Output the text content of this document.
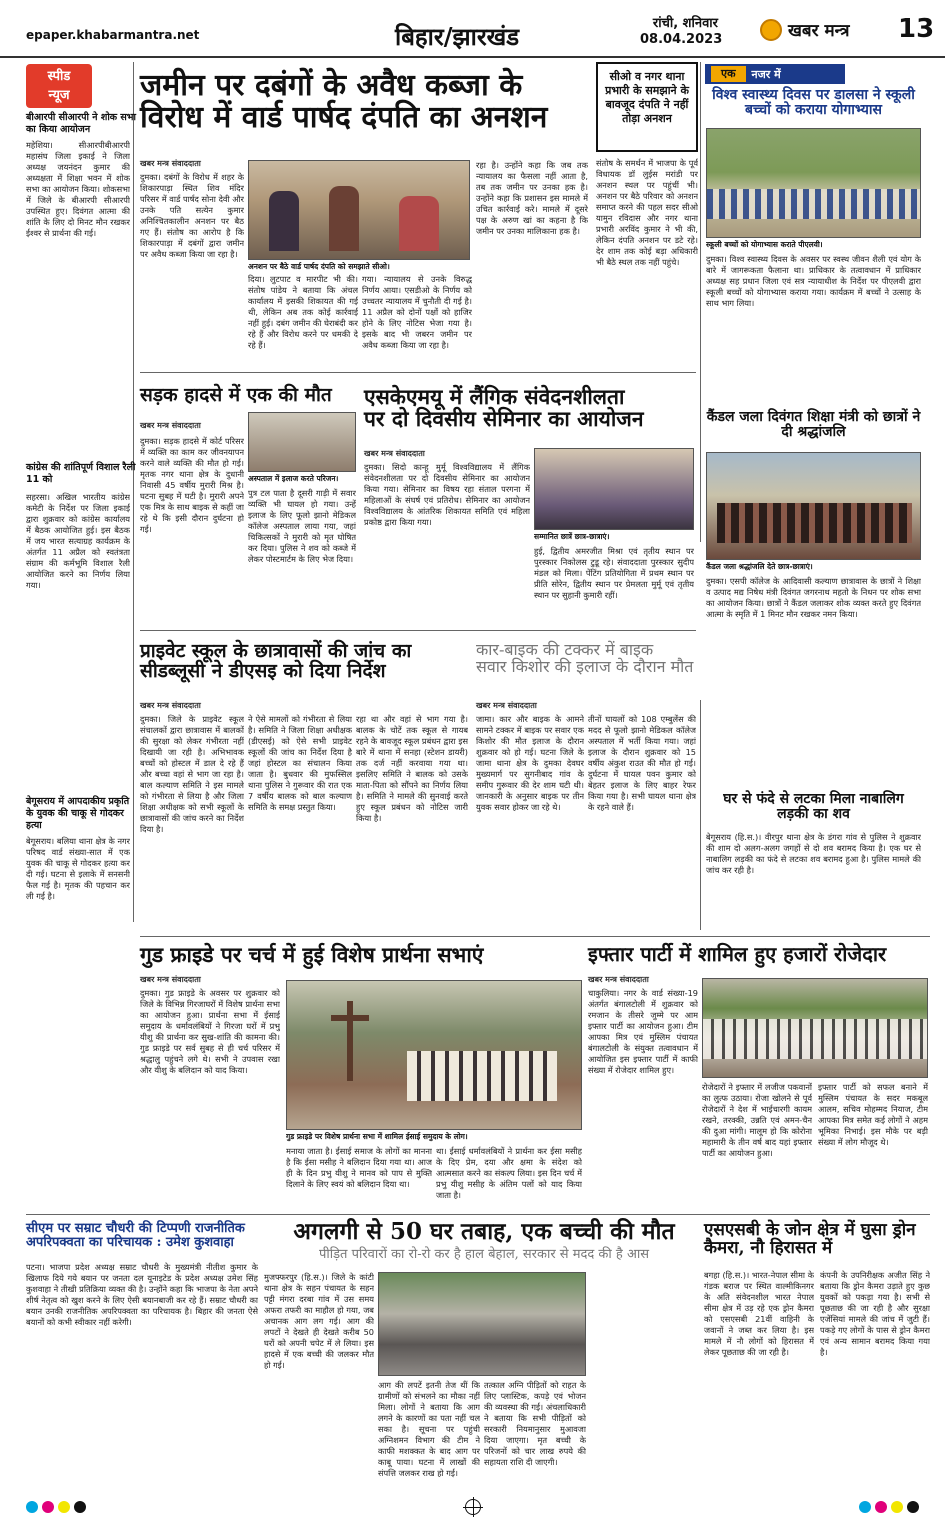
epaper.khabarmantra.net	बिहार/झारखंड	रांची, शनिवार
08.04.2023	खबर मन्त्र 13
स्पीड
न्यूज
बीआरपी सीआरपी ने शोक सभा का किया आयोजन
महेशिया। सीआरपीबीआरपी महासंघ जिला इकाई ने जिला अध्यक्ष जयनंदन कुमार की अध्यक्षता में शिक्षा भवन में शोक सभा का आयोजन किया। शोकसभा में जिले के बीआरपी सीआरपी उपस्थित हुए। दिवंगत आत्मा की शांति के लिए दो मिनट मौन रखकर ईश्वर से प्रार्थना की गई।
कांग्रेस की शांतिपूर्ण विशाल रैली 11 को
सहरसा। अखिल भारतीय कांग्रेस कमेटी के निर्देश पर जिला इकाई द्वारा शुक्रवार को कांग्रेस कार्यालय में बैठक आयोजित हुई। इस बैठक में जय भारत सत्याग्रह कार्यक्रम के अंतर्गत 11 अप्रैल को स्वतंत्रता संग्राम की कर्मभूमि विशाल रैली आयोजित करने का निर्णय लिया गया।
बेगूसराय में आपदाकीय प्रकृति के युवक की चाकू से गोदकर हत्या
बेगूसराय। बलिया थाना क्षेत्र के नगर परिषद वार्ड संख्या-सात में एक युवक की चाकू से गोदकर हत्या कर दी गई। घटना से इलाके में सनसनी फैल गई है। मृतक की पहचान कर ली गई है।
जमीन पर दबंगों के अवैध कब्जा के
विरोध में वार्ड पार्षद दंपति का अनशन
खबर मन्त्र संवाददाता
दुमका। दबंगों के विरोध में शहर के शिकारपाड़ा स्थित शिव मंदिर परिसर में वार्ड पार्षद सोना देवी और उनके पति सत्येन कुमार अनिश्चितकालीन अनशन पर बैठ गए हैं। संतोष का आरोप है कि शिकारपाड़ा में दबंगों द्वारा जमीन पर अवैध कब्जा किया जा रहा है।
अनशन पर बैठे वार्ड पार्षद दंपति को समझाते सीओ।
दिया। लुटपाट व मारपीट भी की। संतोष पांडेय ने बताया कि अंचल कार्यालय में इसकी शिकायत की गई थी, लेकिन अब तक कोई कार्रवाई नहीं हुई। दबंग जमीन की घेराबंदी कर रहे हैं और विरोध करने पर धमकी दे रहे हैं।
गया। न्यायालय से उनके विरुद्ध निर्णय आया। एसडीओ के निर्णय को उच्चतर न्यायालय में चुनौती दी गई है। 11 अप्रैल को दोनों पक्षों को हाजिर होने के लिए नोटिस भेजा गया है। इसके बाद भी जबरन जमीन पर अवैध कब्जा किया जा रहा है।
रहा है। उन्होंने कहा कि जब तक न्यायालय का फैसला नहीं आता है, तब तक जमीन पर उनका हक है। उन्होंने कहा कि प्रशासन इस मामले में उचित कार्रवाई करे। मामले में दूसरे पक्ष के अरुण खां का कहना है कि जमीन पर उनका मालिकाना हक है।
सीओ व नगर थाना प्रभारी के समझाने के बावजूद दंपति ने नहीं तोड़ा अनशन
संतोष के समर्थन में भाजपा के पूर्व विधायक डॉ लुईस मरांडी पर अनशन स्थल पर पहुंचीं भी। अनशन पर बैठे परिवार को अनशन समाप्त करने की पहल सदर सीओ यामुन रविदास और नगर थाना प्रभारी अरविंद कुमार ने भी की, लेकिन दंपति अनशन पर डटे रहे। देर शाम तक कोई बड़ा अधिकारी भी बैठे स्थल तक नहीं पहुंचे।
एक	नजर में
विश्व स्वास्थ्य दिवस पर डालसा ने स्कूली बच्चों को कराया योगाभ्यास
स्कूली बच्चों को योगाभ्यास कराते पीएलवी।
दुमका। विश्व स्वास्थ्य दिवस के अवसर पर स्वस्थ जीवन शैली एवं योग के बारे में जागरूकता फैलाना था। प्राधिकार के तत्वावधान में प्राधिकार अध्यक्ष सह प्रधान जिला एवं सत्र न्यायाधीश के निर्देश पर पीएलवी द्वारा स्कूली बच्चों को योगाभ्यास कराया गया। कार्यक्रम में बच्चों ने उत्साह के साथ भाग लिया।
कैंडल जला दिवंगत शिक्षा मंत्री को छात्रों ने दी श्रद्धांजलि
कैंडल जला श्रद्धांजलि देते छात्र-छात्राएं।
दुमका। एसपी कॉलेज के आदिवासी कल्याण छात्रावास के छात्रों ने शिक्षा व उत्पाद मद्य निषेध मंत्री दिवंगत जगरनाथ महतो के निधन पर शोक सभा का आयोजन किया। छात्रों ने कैंडल जलाकर शोक व्यक्त करते हुए दिवंगत आत्मा के स्मृति में 1 मिनट मौन रखकर नमन किया।
घर से फंदे से लटका मिला नाबालिग लड़की का शव
बेगूसराय (हि.स.)। वीरपुर थाना क्षेत्र के डंगरा गांव से पुलिस ने शुक्रवार की शाम दो अलग-अलग जगहों से दो शव बरामद किया है। एक घर से नाबालिग लड़की का फंदे से लटका शव बरामद हुआ है। पुलिस मामले की जांच कर रही है।
सड़क हादसे में एक की मौत
खबर मन्त्र संवाददाता
दुमका। सड़क हादसे में कोर्ट परिसर में व्यक्ति का काम कर जीवनयापन करने वाले व्यक्ति की मौत हो गई। मृतक नगर थाना क्षेत्र के दुधानी निवासी 45 वर्षीय मुरारी मिश्र है। घटना सुबह में घटी है। मुरारी अपने एक मित्र के साथ बाइक से कहीं जा रहे थे कि इसी दौरान दुर्घटना हो गई।
अस्पताल में इलाज करते परिजन।
पुत्र टल पाता है दूसरी गाड़ी में सवार व्यक्ति भी घायल हो गया। उन्हें इलाज के लिए फूलो झानो मेडिकल कॉलेज अस्पताल लाया गया, जहां चिकित्सकों ने मुरारी को मृत घोषित कर दिया। पुलिस ने शव को कब्जे में लेकर पोस्टमार्टम के लिए भेज दिया।
एसकेएमयू में लैंगिक संवेदनशीलता
पर दो दिवसीय सेमिनार का आयोजन
खबर मन्त्र संवाददाता
दुमका। सिदो कान्हू मुर्मू विश्वविद्यालय में लैंगिक संवेदनशीलता पर दो दिवसीय सेमिनार का आयोजन किया गया। सेमिनार का विषय रहा संताल परगना में महिलाओं के संघर्ष एवं प्रतिरोध। सेमिनार का आयोजन विश्वविद्यालय के आंतरिक शिकायत समिति एवं महिला प्रकोष्ठ द्वारा किया गया।
सम्मानित छात्रें छात्र-छात्राएं।
हुई, द्वितीय अमरजीत मिश्रा एवं तृतीय स्थान पर पुरस्कार निकोलस टुडू रहे। संवाददाता पुरस्कार सुदीप मंडल को मिला। पेंटिंग प्रतियोगिता में प्रथम स्थान पर प्रीति सोरेन, द्वितीय स्थान पर प्रेमलता मुर्मू एवं तृतीय स्थान पर सुहानी कुमारी रहीं।
प्राइवेट स्कूल के छात्रावासों की जांच का
सीडब्लूसी ने डीएसइ को दिया निर्देश
खबर मन्त्र संवाददाता
दुमका। जिले के प्राइवेट स्कूल संचालकों द्वारा छात्रावास में बालकों की सुरक्षा को लेकर गंभीरता नहीं दिखायी जा रही है। अभिभावक बच्चों को होस्टल में डाल दे रहे हैं और बच्चा वहां से भाग जा रहा है। बाल कल्याण समिति ने इस मामले को गंभीरता से लिया है और जिला शिक्षा अधीक्षक को सभी स्कूलों के छात्रावासों की जांच करने का निर्देश दिया है।
ने ऐसे मामलों को गंभीरता से लिया है। समिति ने जिला शिक्षा अधीक्षक (डीएसई) को ऐसे सभी प्राइवेट स्कूलों की जांच का निर्देश दिया है जहां होस्टल का संचालन किया जाता है। बुधवार की मुफस्सिल थाना पुलिस ने गुरूवार की रात एक 7 वर्षीय बालक को बाल कल्याण समिति के समक्ष प्रस्तुत किया।
रहा था और वहां से भाग गया है। बालक के चोटें तक स्कूल से गायब रहने के बावजूद स्कूल प्रबंधन द्वारा इस बारे में थाना में सनहा (स्टेशन डायरी) तक दर्ज नहीं करवाया गया था। इसलिए समिति ने बालक को उसके माता-पिता को सौंपने का निर्णय लिया है। समिति ने मामले की सुनवाई करते हुए स्कूल प्रबंधन को नोटिस जारी किया है।
कार-बाइक की टक्कर में बाइक
सवार किशोर की इलाज के दौरान मौत
खबर मन्त्र संवाददाता
जामा। कार और बाइक के आमने सामने टक्कर में बाइक पर सवार एक किशोर की मौत इलाज के दौरान शुक्रवार को हो गई। घटना जिले के जामा थाना क्षेत्र के दुमका देवघर मुख्यमार्ग पर सुगनीबाद गांव के समीप गुरूवार की देर शाम घटी थी। जानकारी के अनुसार बाइक पर तीन युवक सवार होकर जा रहे थे।
तीनों घायलों को 108 एम्बुलेंस की मदद से फूलो झानो मेडिकल कॉलेज अस्पताल में भर्ती किया गया। जहां इलाज के दौरान शुक्रवार को 15 वर्षीय अंकुश राउत की मौत हो गई। दुर्घटना में घायल पवन कुमार को बेहतर इलाज के लिए बाहर रेफर किया गया है। सभी घायल थाना क्षेत्र के रहने वाले हैं।
गुड फ्राइडे पर चर्च में हुई विशेष प्रार्थना सभाएं
खबर मन्त्र संवाददाता
दुमका। गुड फ्राइडे के अवसर पर शुक्रवार को जिले के विभिन्न गिरजाघरों में विशेष प्रार्थना सभा का आयोजन हुआ। प्रार्थना सभा में ईसाई समुदाय के धर्मावलंबियों ने गिरजा घरों में प्रभु यीशु की प्रार्थना कर सुख-शांति की कामना की। गुड फ्राइडे पर सर्व सुबह से ही चर्च परिसर में श्रद्धालु पहुंचने लगे थे। सभी ने उपवास रखा और यीशु के बलिदान को याद किया।
गुड फ्राइडे पर विशेष प्रार्थना सभा में शामिल ईसाई समुदाय के लोग।
मनाया जाता है। ईसाई समाज के लोगों का मानना है कि ईसा मसीह ने बलिदान दिया गया था। आज ही के दिन प्रभु यीशु ने मानव को पाप से मुक्ति दिलाने के लिए स्वयं को बलिदान दिया था।
था। ईसाई धर्मावलंबियों ने प्रार्थना कर ईसा मसीह के दिए प्रेम, दया और क्षमा के संदेश को आत्मसात करने का संकल्प लिया। इस दिन चर्च में प्रभु यीशु मसीह के अंतिम पलों को याद किया जाता है।
इफ्तार पार्टी में शामिल हुए हजारों रोजेदार
खबर मन्त्र संवाददाता
चाकुलिया। नगर के वार्ड संख्या-19 अंतर्गत बंगालटोली में शुक्रवार को रमजान के तीसरे जुम्मे पर आम इफ्तार पार्टी का आयोजन हुआ। टीम आपका मित्र एवं मुस्लिम पंचायत बंगालटोली के संयुक्त तत्वावधान में आयोजित इस इफ्तार पार्टी में काफी संख्या में रोजेदार शामिल हुए।
रोजेदारों ने इफ्तार में लजीज पकवानों का लुत्फ उठाया। रोजा खोलने से पूर्व रोजेदारों ने देश में भाईचारगी कायम रखने, तरक्की, उन्नति एवं अमन-चैन की दुआ मांगी। मालूम हो कि कोरोना महामारी के तीन वर्ष बाद यहां इफ्तार पार्टी का आयोजन हुआ।
इफ्तार पार्टी को सफल बनाने में मुस्लिम पंचायत के सदर मकबूल आलम, सचिव मोहम्मद नियाज, टीम आपका मित्र समेत कई लोगों ने अहम भूमिका निभाई। इस मौके पर बड़ी संख्या में लोग मौजूद थे।
सीएम पर सम्राट चौधरी की टिप्पणी राजनीतिक अपरिपक्वता का परिचायक : उमेश कुशवाहा
पटना। भाजपा प्रदेश अध्यक्ष सम्राट चौधरी के मुख्यमंत्री नीतीश कुमार के खिलाफ दिये गये बयान पर जनता दल यूनाइटेड के प्रदेश अध्यक्ष उमेश सिंह कुशवाहा ने तीखी प्रतिक्रिया व्यक्त की है। उन्होंने कहा कि भाजपा के नेता अपने शीर्ष नेतृत्व को खुश करने के लिए ऐसी बयानबाजी कर रहे हैं। सम्राट चौधरी का बयान उनकी राजनीतिक अपरिपक्वता का परिचायक है। बिहार की जनता ऐसे बयानों को कभी स्वीकार नहीं करेगी।
अगलगी से 50 घर तबाह, एक बच्ची की मौत
पीड़ित परिवारों का रो-रो कर है हाल बेहाल, सरकार से मदद की है आस
मुजफ्फरपुर (हि.स.)। जिले के कांटी थाना क्षेत्र के सहन पंचायत के सहन पट्टी मंगरा दरबा गांव में उस समय अफरा तफरी का माहौल हो गया, जब अचानक आग लग गई। आग की लपटों ने देखते ही देखते करीब 50 घरों को अपनी चपेट में ले लिया। इस हादसे में एक बच्ची की जलकर मौत हो गई।
आग की लपटें इतनी तेज थीं कि ग्रामीणों को संभलने का मौका नहीं मिला। लोगों ने बताया कि आग लगने के कारणों का पता नहीं चल सका है। सूचना पर पहुंची अग्निशमन विभाग की टीम ने काफी मशक्कत के बाद आग पर काबू पाया। घटना में लाखों की संपत्ति जलकर राख हो गई।
तत्काल अग्नि पीड़ितों को राहत के लिए प्लास्टिक, कपड़े एवं भोजन की व्यवस्था की गई। अंचलाधिकारी ने बताया कि सभी पीड़ितों को सरकारी नियमानुसार मुआवजा दिया जाएगा। मृत बच्ची के परिजनों को चार लाख रुपये की सहायता राशि दी जाएगी।
एसएसबी के जोन क्षेत्र में घुसा ड्रोन कैमरा, नौ हिरासत में
बगहा (हि.स.)। भारत-नेपाल सीमा के गंडक बराज पर स्थित वाल्मीकिनगर के अति संवेदनशील भारत नेपाल सीमा क्षेत्र में उड़ रहे एक ड्रोन कैमरा को एसएसबी 21वीं वाहिनी के जवानों ने जब्त कर लिया है। इस मामले में नौ लोगों को हिरासत में लेकर पूछताछ की जा रही है।
कंपनी के उपनिरीक्षक अजीत सिंह ने बताया कि ड्रोन कैमरा उड़ाते हुए कुछ युवकों को पकड़ा गया है। सभी से पूछताछ की जा रही है और सुरक्षा एजेंसियां मामले की जांच में जुटी हैं। पकड़े गए लोगों के पास से ड्रोन कैमरा एवं अन्य सामान बरामद किया गया है।
